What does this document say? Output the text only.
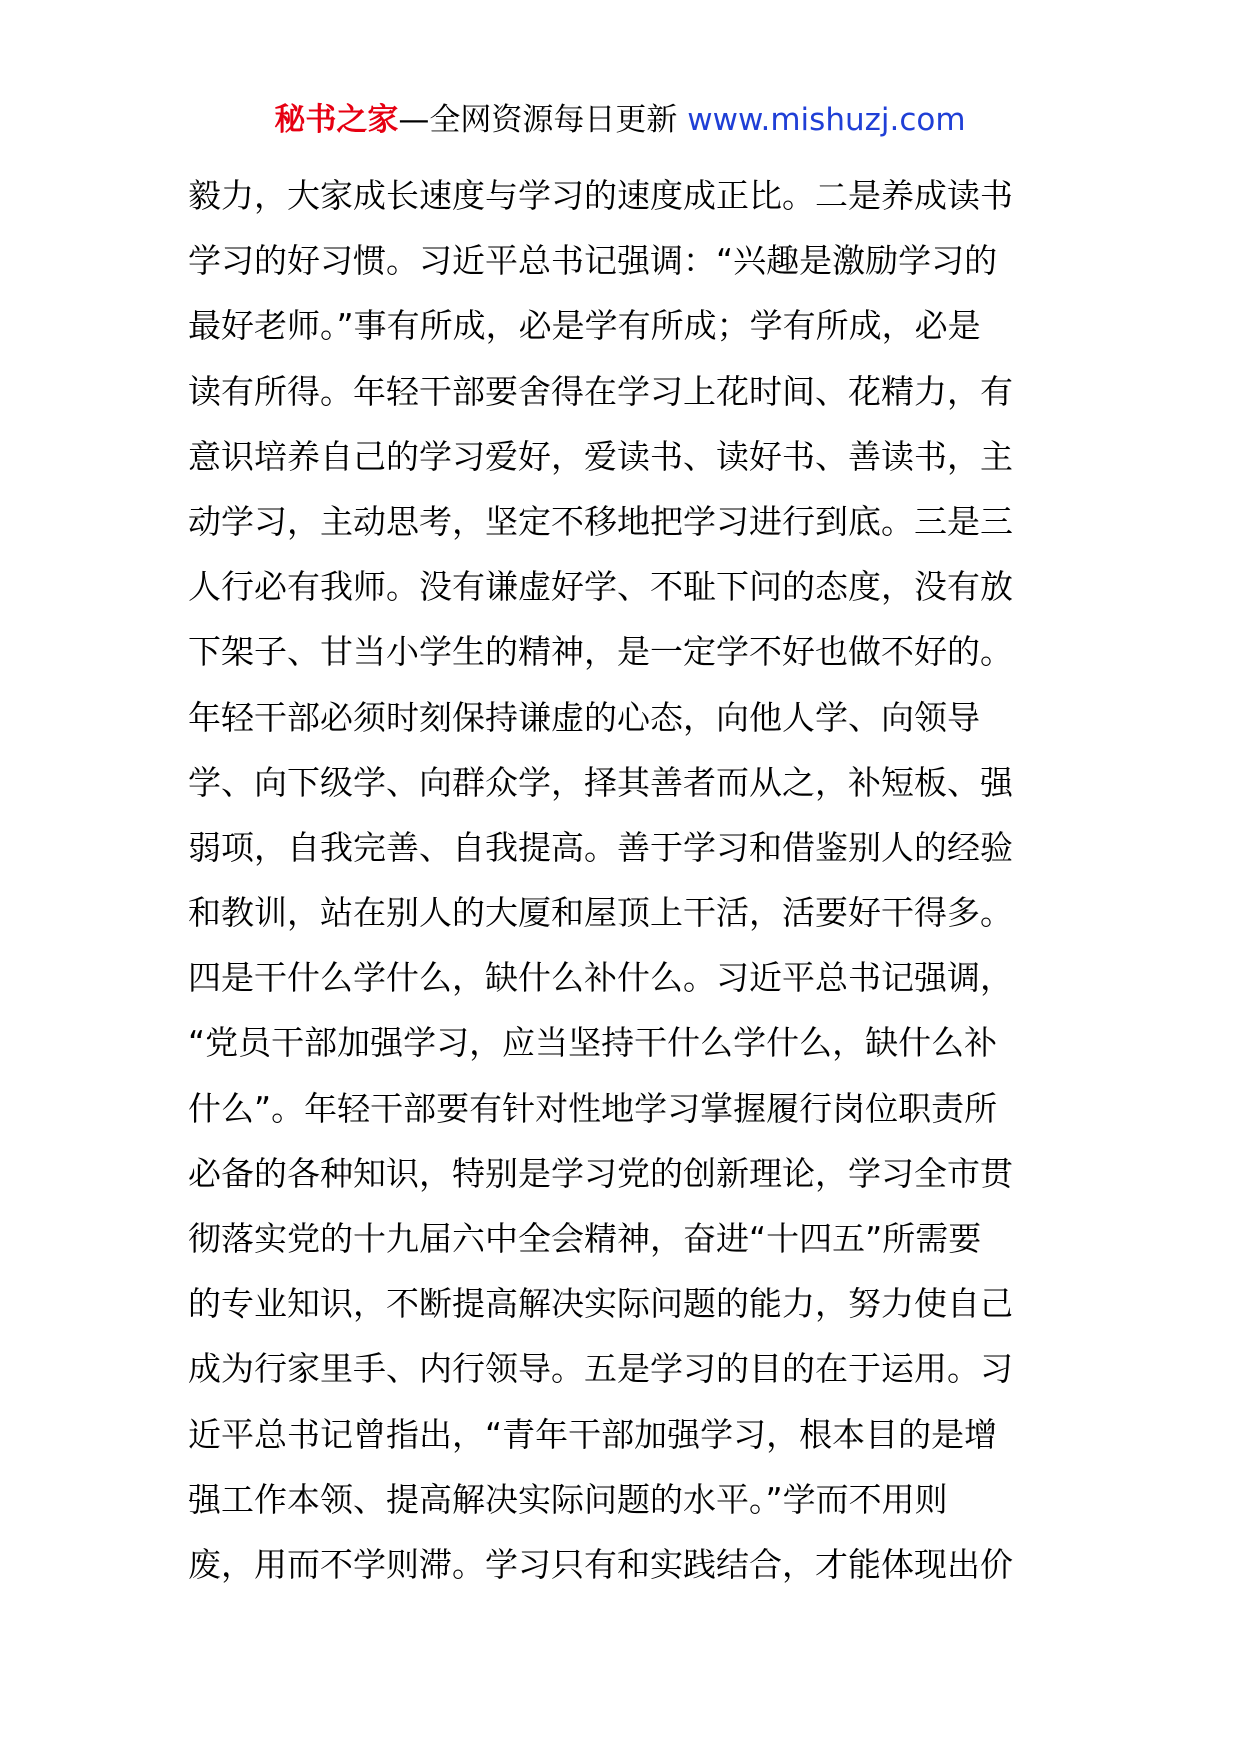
秘书之家—全网资源每日更新 www.mishuzj.com
毅力，大家成长速度与学习的速度成正比。二是养成读书
学习的好习惯。习近平总书记强调：“兴趣是激励学习的
最好老师。”事有所成，必是学有所成；学有所成，必是
读有所得。年轻干部要舍得在学习上花时间、花精力，有
意识培养自己的学习爱好，爱读书、读好书、善读书，主
动学习，主动思考，坚定不移地把学习进行到底。三是三
人行必有我师。没有谦虚好学、不耻下问的态度，没有放
下架子、甘当小学生的精神，是一定学不好也做不好的。
年轻干部必须时刻保持谦虚的心态，向他人学、向领导
学、向下级学、向群众学，择其善者而从之，补短板、强
弱项，自我完善、自我提高。善于学习和借鉴别人的经验
和教训，站在别人的大厦和屋顶上干活，活要好干得多。
四是干什么学什么，缺什么补什么。习近平总书记强调，
“党员干部加强学习，应当坚持干什么学什么，缺什么补
什么”。年轻干部要有针对性地学习掌握履行岗位职责所
必备的各种知识，特别是学习党的创新理论，学习全市贯
彻落实党的十九届六中全会精神，奋进“十四五”所需要
的专业知识，不断提高解决实际问题的能力，努力使自己
成为行家里手、内行领导。五是学习的目的在于运用。习
近平总书记曾指出，“青年干部加强学习，根本目的是增
强工作本领、提高解决实际问题的水平。”学而不用则
废，用而不学则滞。学习只有和实践结合，才能体现出价
